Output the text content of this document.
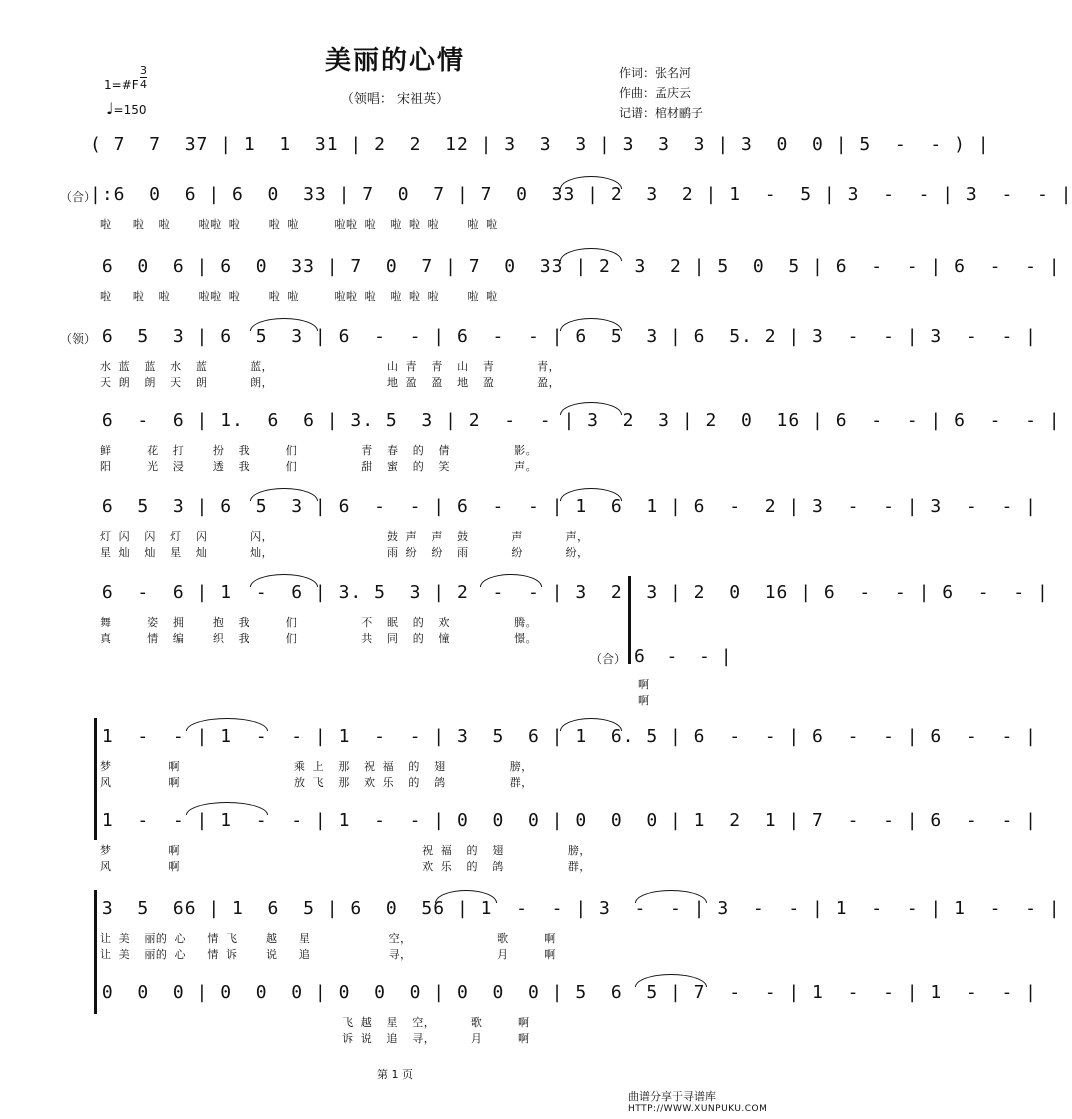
美丽的心情
（领唱： 宋祖英）
作词：张名河
作曲：孟庆云
记谱：棺材鹂子
1=#F $\frac{3}{4}$
♩=150
( 7  7  37 | 1  1  31 | 2  2  12 | 3  3  3 | 3  3  3 | 3  0  0 | 5  -  - ) |
（合）
|:6  0  6 | 6  0  33 | 7  0  7 | 7  0  33 | 2  3  2 | 1  -  5 | 3  -  - | 3  -  - |
啦   啦  啦    啦啦 啦    啦 啦     啦啦 啦  啦 啦 啦    啦 啦
6  0  6 | 6  0  33 | 7  0  7 | 7  0  33 | 2  3  2 | 5  0  5 | 6  -  - | 6  -  - |
啦   啦  啦    啦啦 啦    啦 啦     啦啦 啦  啦 啦 啦    啦 啦
（领）
6  5  3 | 6  5  3 | 6  -  - | 6  -  - | 6  5  3 | 6  5. 2 | 3  -  - | 3  -  - |
水 蓝  蓝  水  蓝      蓝，                山 青  青  山  青      青，
天 朗  朗  天  朗      朗，                地 盈  盈  地  盈      盈，
6  -  6 | 1.  6  6 | 3. 5  3 | 2  -  - | 3  2  3 | 2  0  16 | 6  -  - | 6  -  - |
鲜     花  打    扮  我     们         青  春  的  倩         影。
阳     光  浸    透  我     们         甜  蜜  的  笑         声。
6  5  3 | 6  5  3 | 6  -  - | 6  -  - | 1  6  1 | 6  -  2 | 3  -  - | 3  -  - |
灯 闪  闪  灯  闪      闪，                鼓 声  声  鼓      声      声，
星 灿  灿  星  灿      灿，                雨 纷  纷  雨      纷      纷，
6  -  6 | 1  -  6 | 3. 5  3 | 2  -  - | 3  2  3 | 2  0  16 | 6  -  - | 6  -  - |
舞     姿  拥    抱  我     们         不  眠  的  欢         腾。
真     情  编    织  我     们         共  同  的  憧         憬。
（合） 6  -  - |
啊
啊
1  -  - | 1  -  - | 1  -  - | 3  5  6 | 1  6. 5 | 6  -  - | 6  -  - | 6  -  - |
梦        啊                乘 上  那  祝 福  的  翅         膀，
风        啊                放 飞  那  欢 乐  的  鸽         群，
1  -  - | 1  -  - | 1  -  - | 0  0  0 | 0  0  0 | 1  2  1 | 7  -  - | 6  -  - |
梦        啊                                  祝 福  的  翅         膀，
风        啊                                  欢 乐  的  鸽         群，
3  5  66 | 1  6  5 | 6  0  56 | 1  -  - | 3  -  - | 3  -  - | 1  -  - | 1  -  - |
让 美  丽的 心   情 飞    越   星           空，            歌     啊
让 美  丽的 心   情 诉    说   追           寻，            月     啊
0  0  0 | 0  0  0 | 0  0  0 | 0  0  0 | 5  6  5 | 7  -  - | 1  -  - | 1  -  - |
飞 越  星  空，     歌     啊
诉 说  追  寻，     月     啊
第 1 页
曲谱分享于寻谱库
HTTP://WWW.XUNPUKU.COM
